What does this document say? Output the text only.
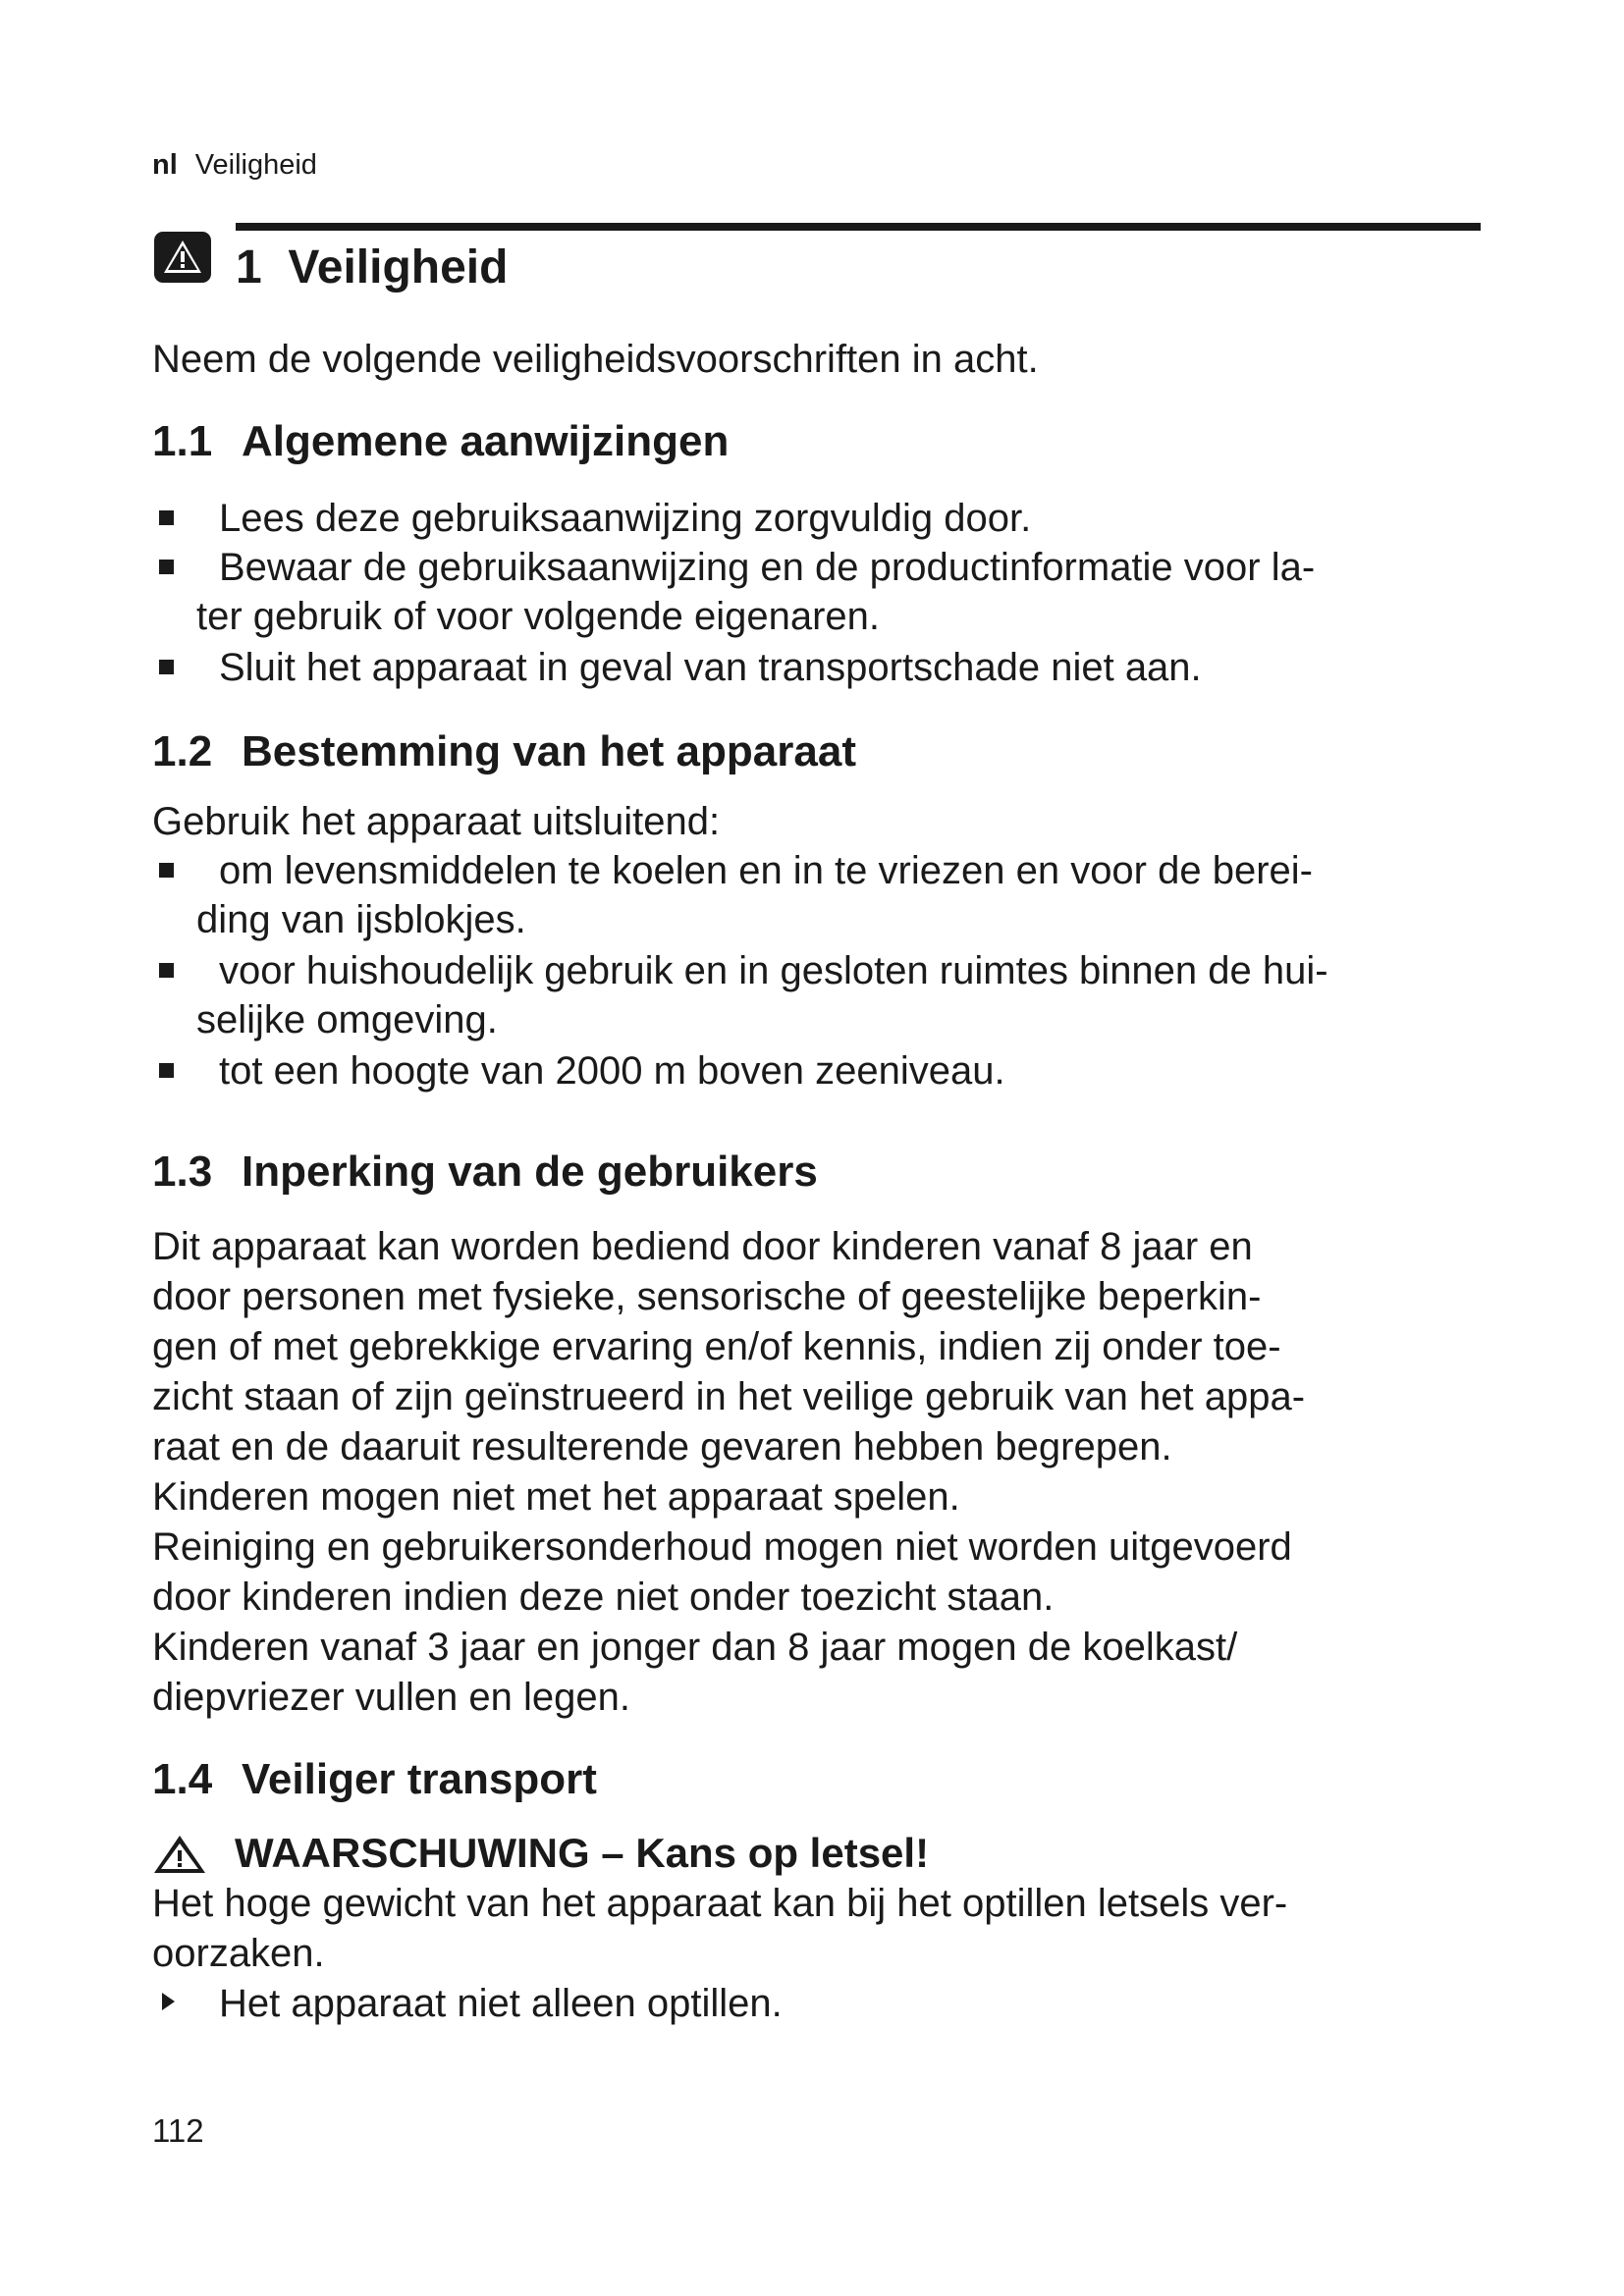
nl Veiligheid
1 Veiligheid
Neem de volgende veiligheidsvoorschriften in acht.
1.1 Algemene aanwijzingen
Lees deze gebruiksaanwijzing zorgvuldig door.
Bewaar de gebruiksaanwijzing en de productinformatie voor la-
ter gebruik of voor volgende eigenaren.
Sluit het apparaat in geval van transportschade niet aan.
1.2 Bestemming van het apparaat
Gebruik het apparaat uitsluitend:
om levensmiddelen te koelen en in te vriezen en voor de berei-
ding van ijsblokjes.
voor huishoudelijk gebruik en in gesloten ruimtes binnen de hui-
selijke omgeving.
tot een hoogte van 2000 m boven zeeniveau.
1.3 Inperking van de gebruikers
Dit apparaat kan worden bediend door kinderen vanaf 8 jaar en
door personen met fysieke, sensorische of geestelijke beperkin-
gen of met gebrekkige ervaring en/of kennis, indien zij onder toe-
zicht staan of zijn geïnstrueerd in het veilige gebruik van het appa-
raat en de daaruit resulterende gevaren hebben begrepen.
Kinderen mogen niet met het apparaat spelen.
Reiniging en gebruikersonderhoud mogen niet worden uitgevoerd
door kinderen indien deze niet onder toezicht staan.
Kinderen vanaf 3 jaar en jonger dan 8 jaar mogen de koelkast/
diepvriezer vullen en legen.
1.4 Veiliger transport
WAARSCHUWING – Kans op letsel!
Het hoge gewicht van het apparaat kan bij het optillen letsels ver-
oorzaken.
Het apparaat niet alleen optillen.
112
